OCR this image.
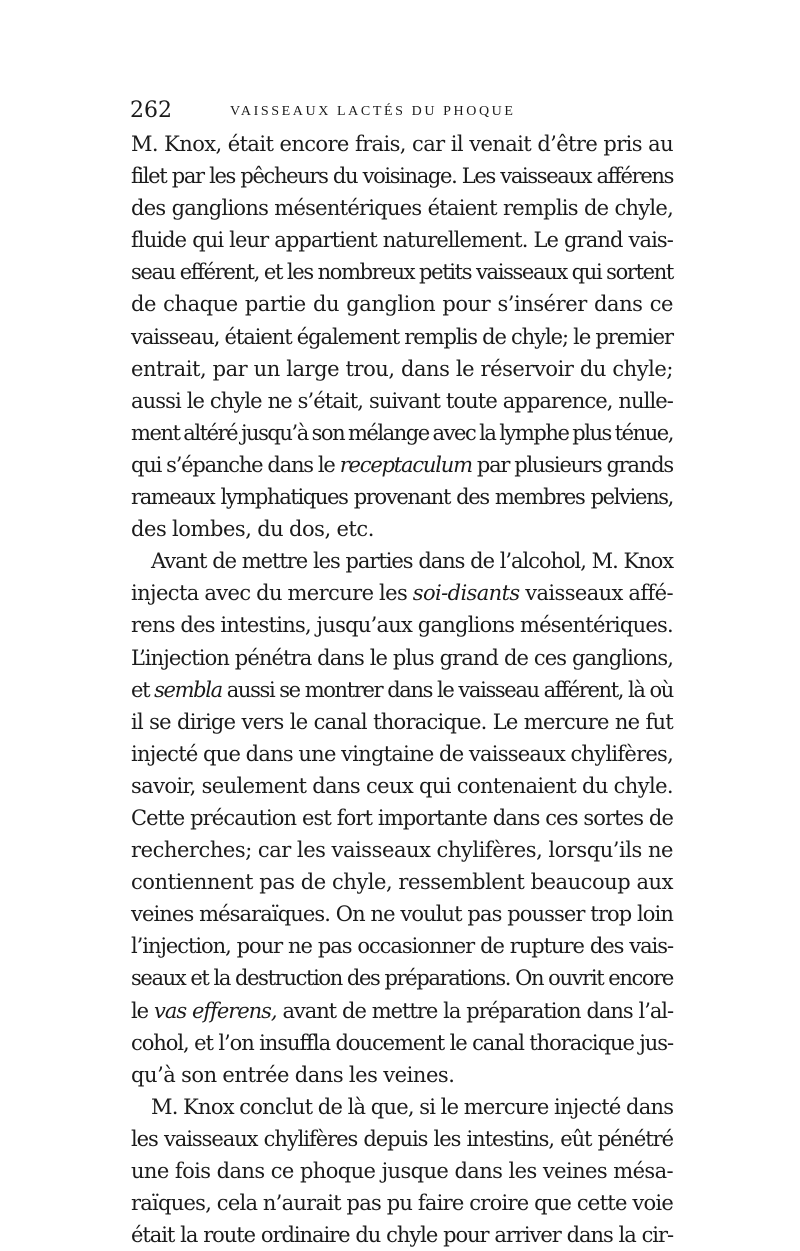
262	VAISSEAUX LACTÉS DU PHOQUE
M. Knox, était encore frais, car il venait d’être pris au
filet par les pêcheurs du voisinage. Les vaisseaux afférens
des ganglions mésentériques étaient remplis de chyle,
fluide qui leur appartient naturellement. Le grand vais-
seau efférent, et les nombreux petits vaisseaux qui sortent
de chaque partie du ganglion pour s’insérer dans ce
vaisseau, étaient également remplis de chyle; le premier
entrait, par un large trou, dans le réservoir du chyle;
aussi le chyle ne s’était, suivant toute apparence, nulle-
ment altéré jusqu’à son mélange avec la lymphe plus ténue,
qui s’épanche dans le receptaculum par plusieurs grands
rameaux lymphatiques provenant des membres pelviens,
des lombes, du dos, etc.
Avant de mettre les parties dans de l’alcohol, M. Knox
injecta avec du mercure les soi-disants vaisseaux affé-
rens des intestins, jusqu’aux ganglions mésentériques.
L’injection pénétra dans le plus grand de ces ganglions,
et sembla aussi se montrer dans le vaisseau afférent, là où
il se dirige vers le canal thoracique. Le mercure ne fut
injecté que dans une vingtaine de vaisseaux chylifères,
savoir, seulement dans ceux qui contenaient du chyle.
Cette précaution est fort importante dans ces sortes de
recherches; car les vaisseaux chylifères, lorsqu’ils ne
contiennent pas de chyle, ressemblent beaucoup aux
veines mésaraïques. On ne voulut pas pousser trop loin
l’injection, pour ne pas occasionner de rupture des vais-
seaux et la destruction des préparations. On ouvrit encore
le vas efferens, avant de mettre la préparation dans l’al-
cohol, et l’on insuffla doucement le canal thoracique jus-
qu’à son entrée dans les veines.
M. Knox conclut de là que, si le mercure injecté dans
les vaisseaux chylifères depuis les intestins, eût pénétré
une fois dans ce phoque jusque dans les veines mésa-
raïques, cela n’aurait pas pu faire croire que cette voie
était la route ordinaire du chyle pour arriver dans la cir-
